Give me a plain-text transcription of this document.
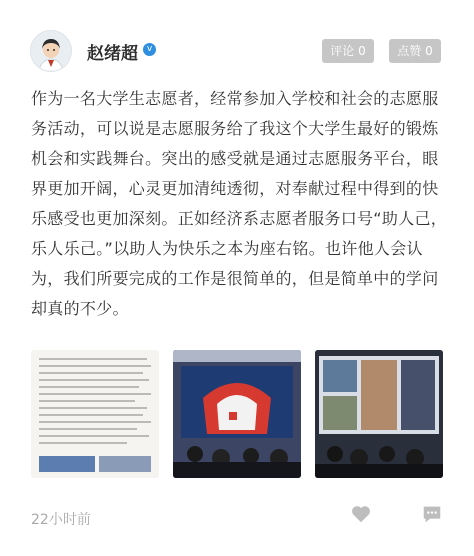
赵绪超 v	评论 0	点赞 0
作为一名大学生志愿者，经常参加入学校和社会的志愿服务活动，可以说是志愿服务给了我这个大学生最好的锻炼机会和实践舞台。突出的感受就是通过志愿服务平台，眼界更加开阔，心灵更加清纯透彻，对奉献过程中得到的快乐感受也更加深刻。正如经济系志愿者服务口号“助人己，乐人乐己。”以助人为快乐之本为座右铭。也许他人会认为，我们所要完成的工作是很简单的，但是简单中的学问却真的不少。
22小时前
